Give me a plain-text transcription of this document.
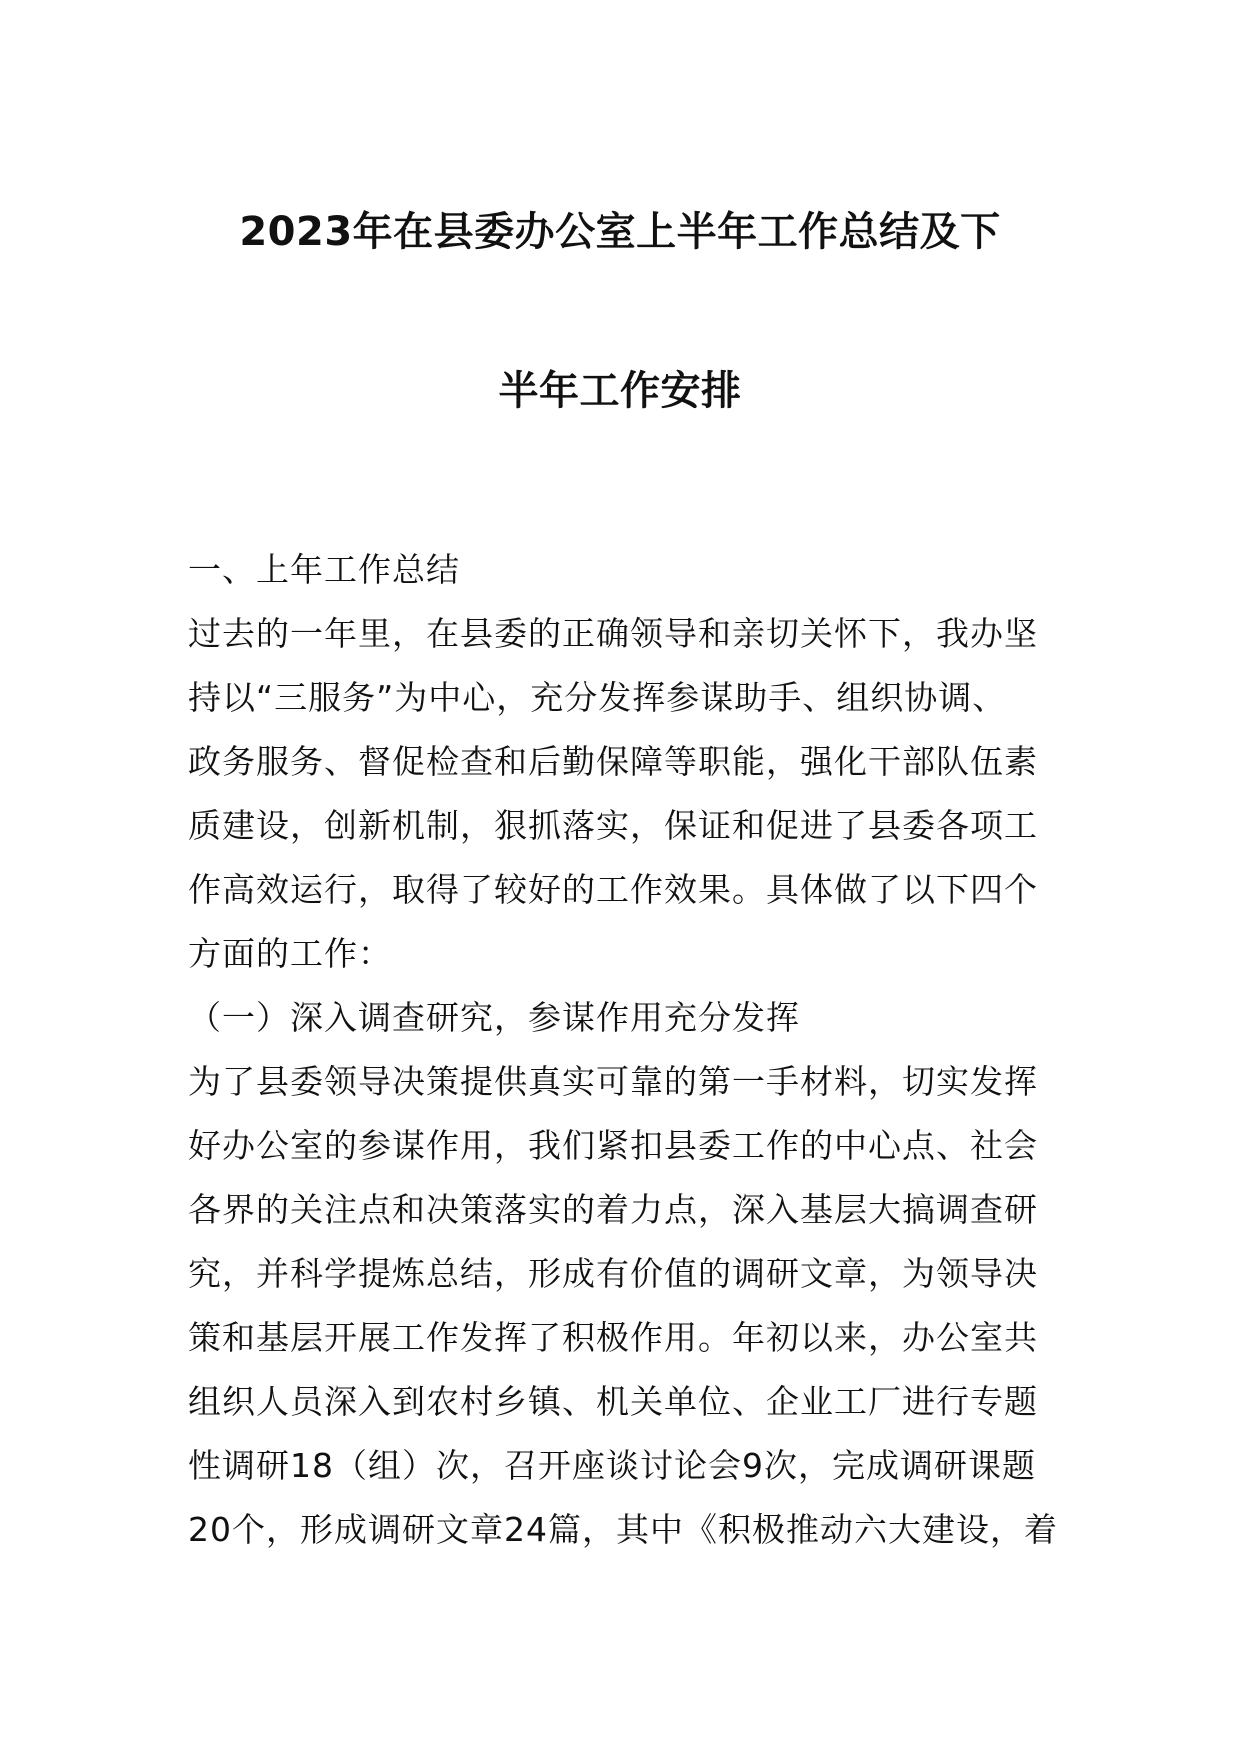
2023年在县委办公室上半年工作总结及下
半年工作安排
一、上年工作总结
过去的一年里，在县委的正确领导和亲切关怀下，我办坚
持以“三服务”为中心，充分发挥参谋助手、组织协调、
政务服务、督促检查和后勤保障等职能，强化干部队伍素
质建设，创新机制，狠抓落实，保证和促进了县委各项工
作高效运行，取得了较好的工作效果。具体做了以下四个
方面的工作：
（一）深入调查研究，参谋作用充分发挥
为了县委领导决策提供真实可靠的第一手材料，切实发挥
好办公室的参谋作用，我们紧扣县委工作的中心点、社会
各界的关注点和决策落实的着力点，深入基层大搞调查研
究，并科学提炼总结，形成有价值的调研文章，为领导决
策和基层开展工作发挥了积极作用。年初以来，办公室共
组织人员深入到农村乡镇、机关单位、企业工厂进行专题
性调研18（组）次，召开座谈讨论会9次，完成调研课题
20个，形成调研文章24篇，其中《积极推动六大建设，着
